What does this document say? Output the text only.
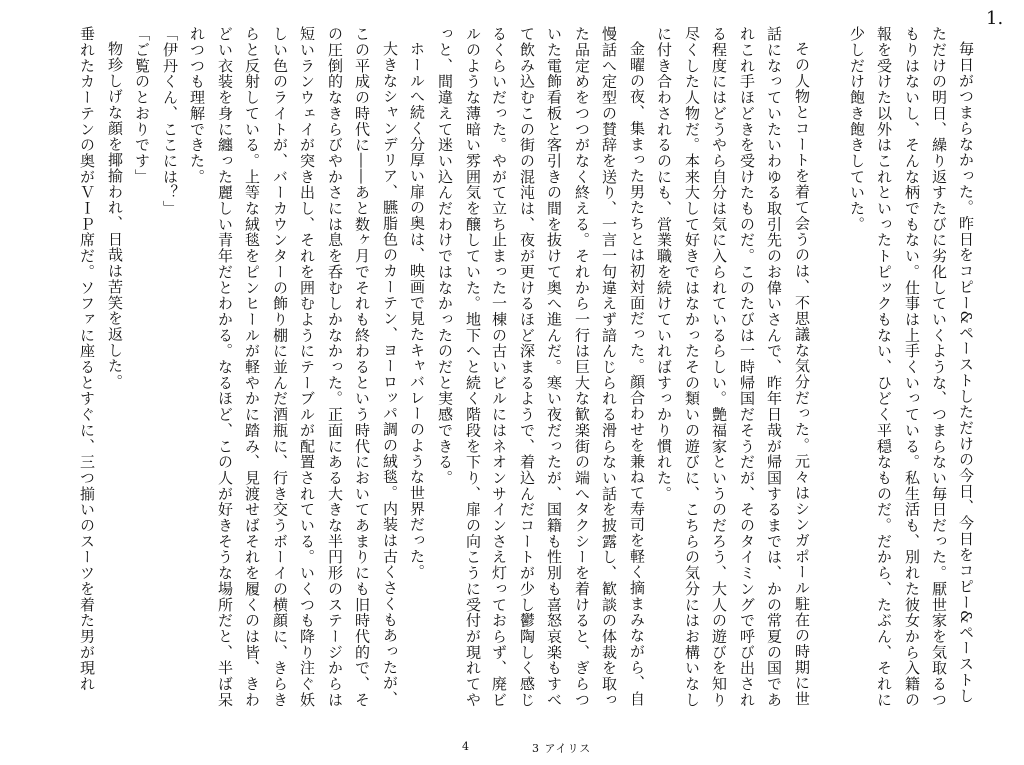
1.
毎日がつまらなかった。昨日をコピー&ペーストしただけの今日、今日をコピー&ペーストし
ただけの明日、繰り返すたびに劣化していくような、つまらない毎日だった。厭世家を気取るつ
もりはないし、そんな柄でもない。仕事は上手くいっている。私生活も、別れた彼女から入籍の
報を受けた以外はこれといったトピックもない、ひどく平穏なものだ。だから、たぶん、それに
少しだけ飽き飽きしていた。
その人物とコートを着て会うのは、不思議な気分だった。元々はシンガポール駐在の時期に世
話になっていたいわゆる取引先のお偉いさんで、昨年日哉が帰国するまでは、かの常夏の国であ
れこれ手ほどきを受けたものだ。このたびは一時帰国だそうだが、そのタイミングで呼び出され
る程度にはどうやら自分は気に入られているらしい。艶福家というのだろう、大人の遊びを知り
尽くした人物だ。本来大して好きではなかったその類いの遊びに、こちらの気分にはお構いなし
に付き合わされるのにも、営業職を続けていればすっかり慣れた。
金曜の夜、集まった男たちとは初対面だった。顔合わせを兼ねて寿司を軽く摘まみながら、自
慢話へ定型の賛辞を送り、一言一句違えず諳んじられる滑らない話を披露し、歓談の体裁を取っ
た品定めをつつがなく終える。それから一行は巨大な歓楽街の端へタクシーを着けると、ぎらつ
いた電飾看板と客引きの間を抜けて奥へ進んだ。寒い夜だったが、国籍も性別も喜怒哀楽もすべ
て飲み込むこの街の混沌は、夜が更けるほど深まるようで、着込んだコートが少し鬱陶しく感じ
るくらいだった。やがて立ち止まった一棟の古いビルにはネオンサインさえ灯っておらず、廃ビ
ルのような薄暗い雰囲気を醸していた。地下へと続く階段を下り、扉の向こうに受付が現れてや
っと、間違えて迷い込んだわけではなかったのだと実感できる。
ホールへ続く分厚い扉の奥は、映画で見たキャバレーのような世界だった。
大きなシャンデリア、臙脂色のカーテン、ヨーロッパ調の絨毯。内装は古くさくもあったが、
この平成の時代に――あと数ヶ月でそれも終わるという時代においてあまりにも旧時代的で、そ
の圧倒的なきらびやかさには息を呑むしかなかった。正面にある大きな半円形のステージからは
短いランウェイが突き出し、それを囲むようにテーブルが配置されている。いくつも降り注ぐ妖
しい色のライトが、バーカウンターの飾り棚に並んだ酒瓶に、行き交うボーイの横顔に、きらき
らと反射している。上等な絨毯をピンヒールが軽やかに踏み、見渡せばそれを履くのは皆、きわ
どい衣装を身に纏った麗しい青年だとわかる。なるほど、この人が好きそうな場所だと、半ば呆
れつつも理解できた。
「伊丹くん、ここには？」
「ご覧のとおりです」
物珍しげな顔を揶揄われ、日哉は苦笑を返した。
垂れたカーテンの奥がＶＩＰ席だ。ソファに座るとすぐに、三つ揃いのスーツを着た男が現れ
4	3 アイリス
